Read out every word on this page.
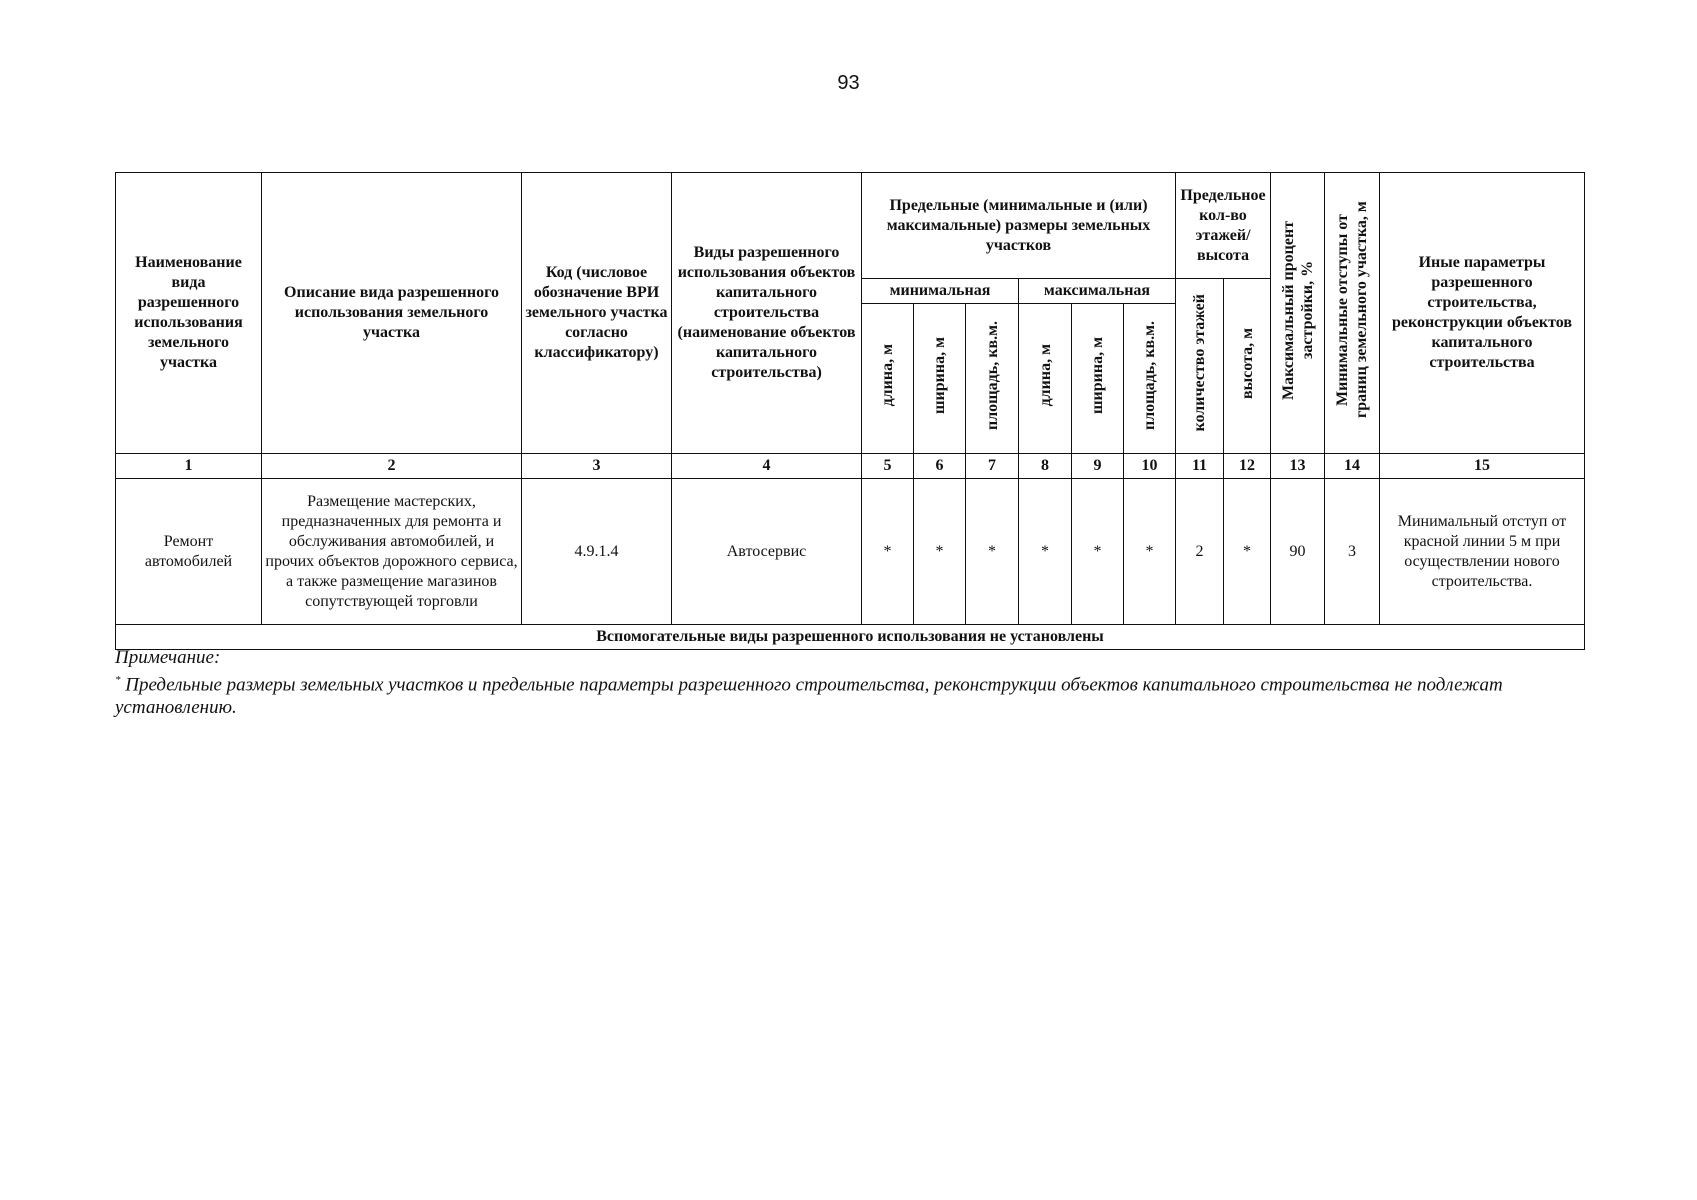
93
Наименование вида разрешенного использования земельного участка	Описание вида разрешенного использования земельного участка	Код (числовое обозначение ВРИ земельного участка согласно классификатору)	Виды разрешенного использования объектов капитального строительства (наименование объектов капитального строительства)	Предельные (минимальные и (или) максимальные) размеры земельных участков						Предельное кол-во этажей/ высота		Максимальный процент застройки, %	Минимальные отступы от границ земельного участка, м	Иные параметры разрешенного строительства, реконструкции объектов капитального строительства
				минимальная			максимальная			количество этажей	высота, м			
				длина, м	ширина, м	площадь, кв.м.	длина, м	ширина, м	площадь, кв.м.					
1	2	3	4	5	6	7	8	9	10	11	12	13	14	15
Ремонт автомобилей	Размещение мастерских, предназначенных для ремонта и обслуживания автомобилей, и прочих объектов дорожного сервиса, а также размещение магазинов сопутствующей торговли	4.9.1.4	Автосервис	*	*	*	*	*	*	2	*	90	3	Минимальный отступ от красной линии 5 м при осуществлении нового строительства.
Вспомогательные виды разрешенного использования не установлены														
Примечание:
* Предельные размеры земельных участков и предельные параметры разрешенного строительства, реконструкции объектов капитального строительства не подлежат установлению.
